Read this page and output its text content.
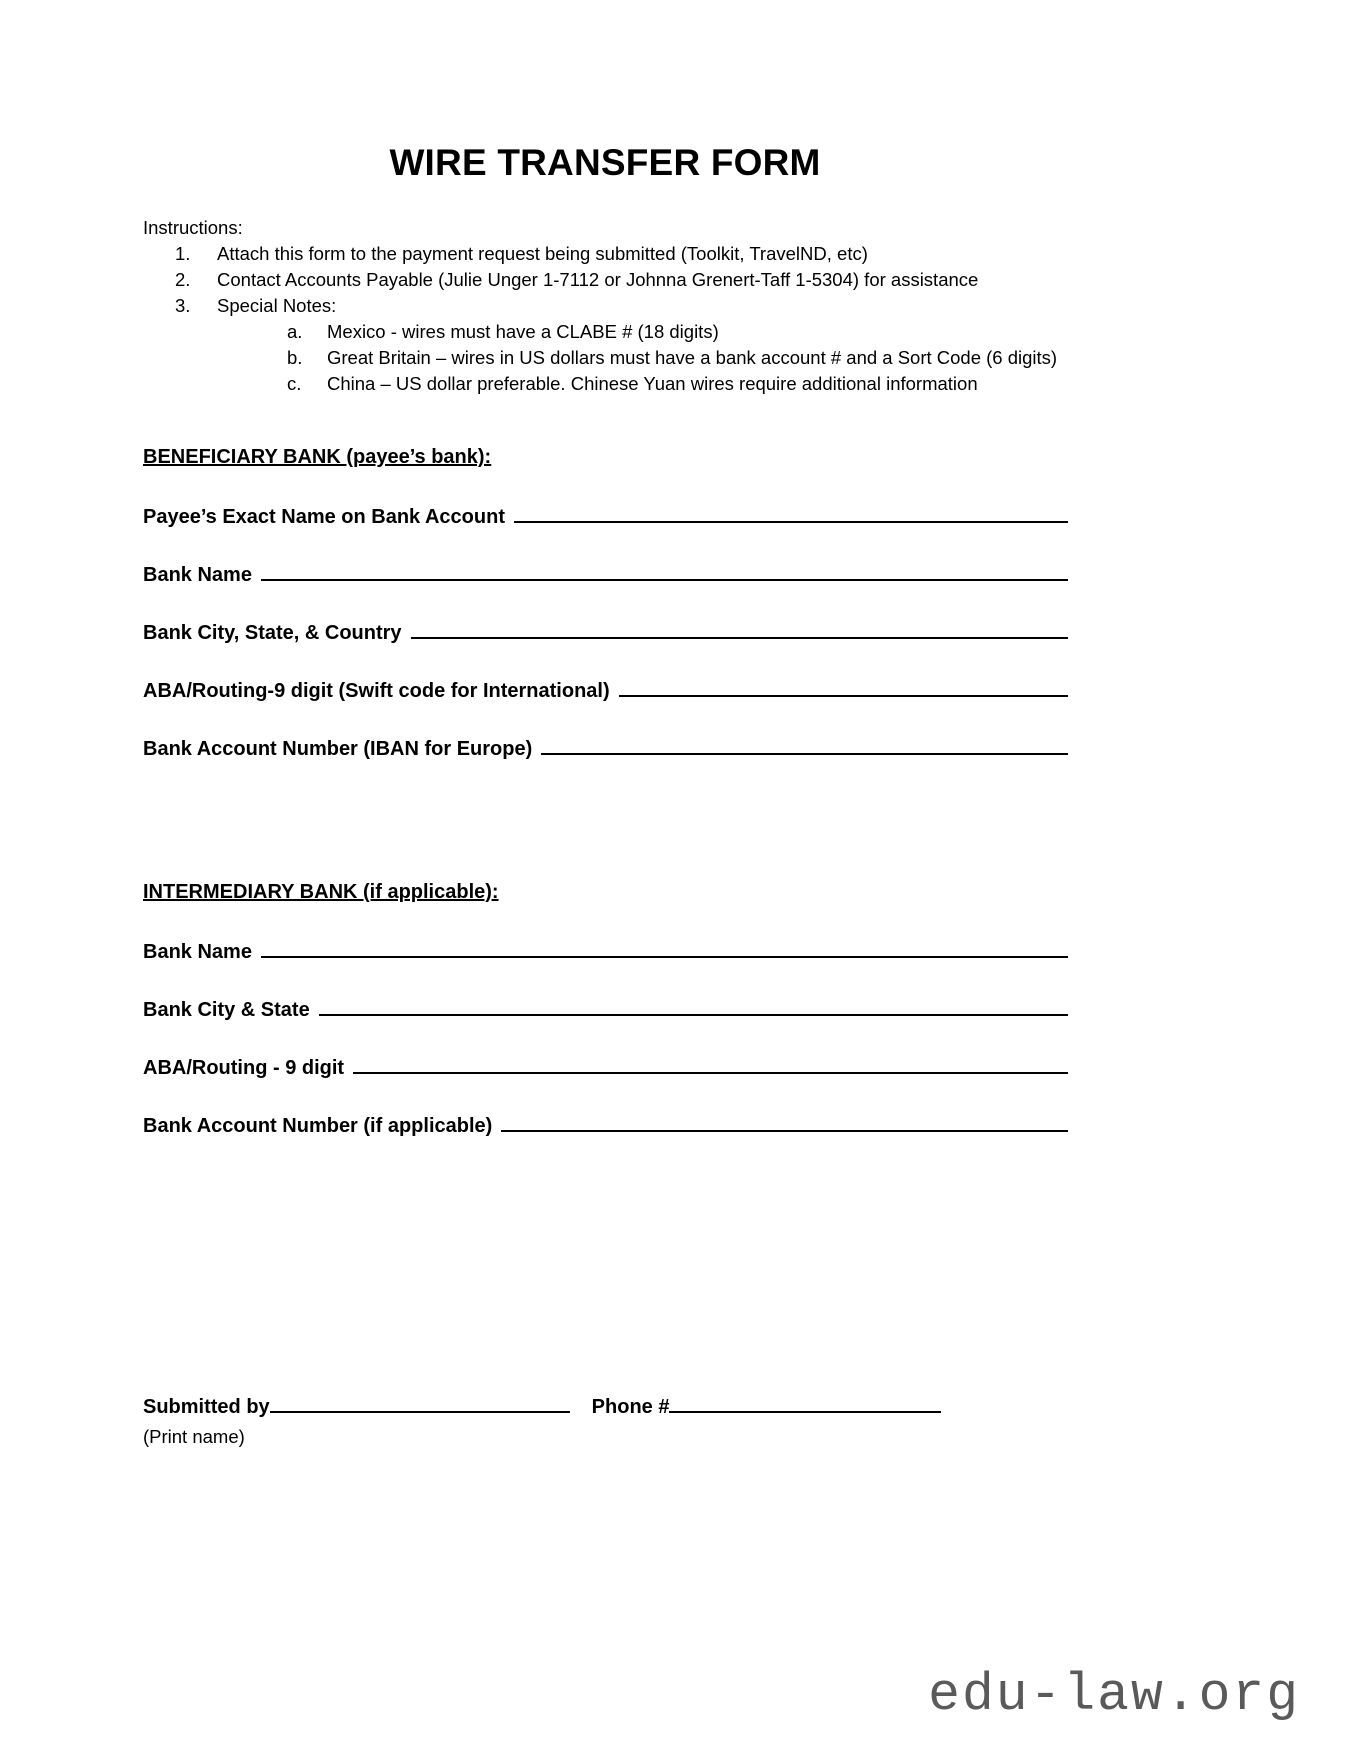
WIRE TRANSFER FORM
Instructions:
1.	Attach this form to the payment request being submitted (Toolkit, TravelND, etc)
2.	Contact Accounts Payable (Julie Unger 1-7112 or Johnna Grenert-Taff 1-5304) for assistance
3.	Special Notes:
a.	Mexico - wires must have a CLABE # (18 digits)
b.	Great Britain – wires in US dollars must have a bank account # and a Sort Code (6 digits)
c.	China – US dollar preferable. Chinese Yuan wires require additional information
BENEFICIARY BANK (payee’s bank):
Payee’s Exact Name on Bank Account
Bank Name
Bank City, State, & Country
ABA/Routing-9 digit (Swift code for International)
Bank Account Number (IBAN for Europe)
INTERMEDIARY BANK (if applicable):
Bank Name
Bank City & State
ABA/Routing - 9 digit
Bank Account Number (if applicable)
Submitted by	Phone #
(Print name)
edu-law.org
